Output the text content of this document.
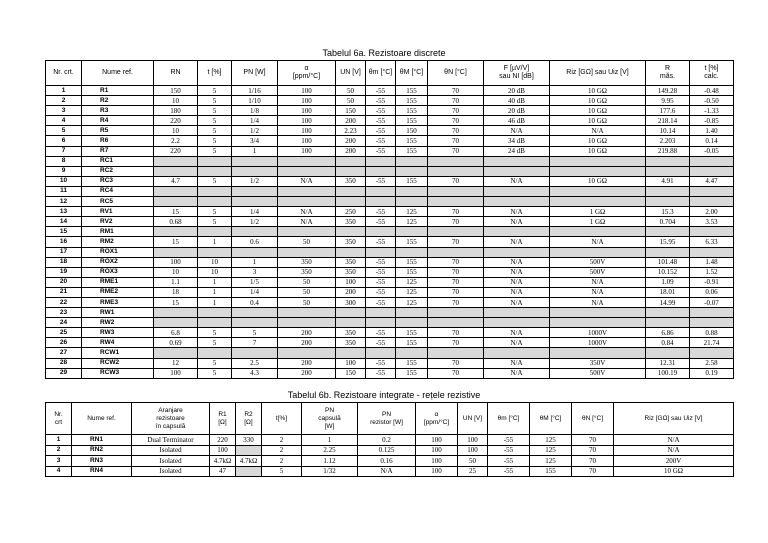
Tabelul 6a. Rezistoare discrete
Nr. crt.	Nume ref.	RN	t [%]	PN [W]	α
[ppm/°C]	UN [V]	θm [°C]	θM [°C]	θN [°C]	F [µV/V]
sau NI [dB]	Riz [GΩ] sau Uiz [V]	R
măs.	t [%]
calc.
1	R1	150	5	1/16	100	50	-55	155	70	20 dB	10 GΩ	149.28	-0.48
2	R2	10	5	1/10	100	50	-55	155	70	40 dB	10 GΩ	9.95	-0.50
3	R3	180	5	1/8	100	150	-55	155	70	20 dB	10 GΩ	177.6	-1.33
4	R4	220	5	1/4	100	200	-55	155	70	46 dB	10 GΩ	218.14	-0.85
5	R5	10	5	1/2	100	2.23	-55	150	70	N/A	N/A	10.14	1.40
6	R6	2.2	5	3/4	100	200	-55	155	70	34 dB	10 GΩ	2.203	0.14
7	R7	220	5	1	100	200	-55	155	70	24 dB	10 GΩ	219.88	-0.05
8	RC1												
9	RC2												
10	RC3	4.7	5	1/2	N/A	350	-55	155	70	N/A	10 GΩ	4.91	4.47
11	RC4												
12	RC5												
13	RV1	15	5	1/4	N/A	250	-55	125	70	N/A	1 GΩ	15.3	2.00
14	RV2	0.68	5	1/2	N/A	350	-55	125	70	N/A	1 GΩ	0.704	3.53
15	RM1												
16	RM2	15	1	0.6	50	350	-55	155	70	N/A	N/A	15.95	6.33
17	ROX1												
18	ROX2	100	10	1	350	350	-55	155	70	N/A	500V	101.48	1.48
19	ROX3	10	10	3	350	350	-55	155	70	N/A	500V	10.152	1.52
20	RME1	1.1	1	1/5	50	100	-55	125	70	N/A	N/A	1.09	-0.91
21	RME2	18	1	1/4	50	200	-55	125	70	N/A	N/A	18.01	0.06
22	RME3	15	1	0.4	50	300	-55	125	70	N/A	N/A	14.99	-0.07
23	RW1												
24	RW2												
25	RW3	6.8	5	5	200	350	-55	155	70	N/A	1000V	6.86	0.88
26	RW4	0.69	5	7	200	350	-55	155	70	N/A	1000V	0.84	21.74
27	RCW1												
28	RCW2	12	5	2.5	200	100	-55	155	70	N/A	350V	12.31	2.58
29	RCW3	100	5	4.3	200	150	-55	155	70	N/A	500V	100.19	0.19
Tabelul 6b. Rezistoare integrate - rețele rezistive
Nr.
crt	Nume ref.	Aranjare
rezistoare
în capsulă	R1
[Ω]	R2
[Ω]	t[%]	PN
capsulă
[W]	PN
rezistor [W]	α
[ppm/°C]	UN [V]	θm [°C]	θM [°C]	θN [°C]	Riz [GΩ] sau Uiz [V]
1	RN1	Dual Terminator	220	330	2	1	0.2	100	100	-55	125	70	N/A
2	RN2	Isolated	100		2	2.25	0.125	100	100	-55	125	70	N/A
3	RN3	Isolated	4.7kΩ	4.7kΩ	2	1.12	0.16	100	50	-55	125	70	200V
4	RN4	Isolated	47		5	1/32	N/A	100	25	-55	155	70	10 GΩ
